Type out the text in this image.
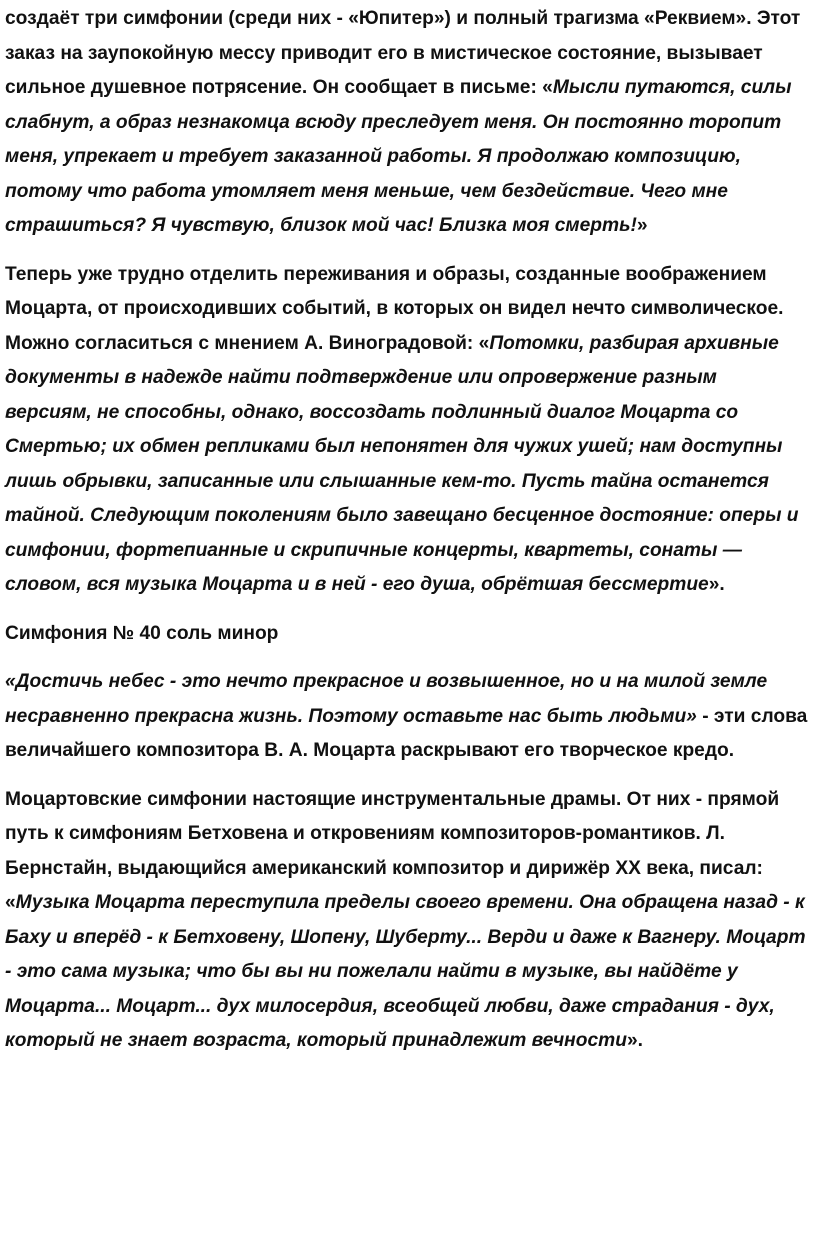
создаёт три симфонии (среди них - «Юпитер») и полный трагизма «Реквием». Этот заказ на заупокойную мессу приводит его в мистическое состояние, вызывает сильное душевное потрясение. Он сообщает в письме: «Мысли путаются, силы слабнут, а образ незнакомца всюду преследует меня. Он постоянно торопит меня, упрекает и требует заказанной работы. Я продолжаю композицию, потому что работа утомляет меня меньше, чем бездействие. Чего мне страшиться? Я чувствую, близок мой час! Близка моя смерть!»

Теперь уже трудно отделить переживания и образы, созданные воображением Моцарта, от происходивших событий, в которых он видел нечто символическое. Можно согласиться с мнением А. Виноградовой: «Потомки, разбирая архивные документы в надежде найти подтверждение или опровержение разным версиям, не способны, однако, воссоздать подлинный диалог Моцарта со Смертью; их обмен репликами был непонятен для чужих ушей; нам доступны лишь обрывки, записанные или слышанные кем-то. Пусть тайна останется тайной. Следующим поколениям было завещано бесценное достояние: оперы и симфонии, фортепианные и скрипичные концерты, квартеты, сонаты — словом, вся музыка Моцарта и в ней - его душа, обрётшая бессмертие».

Симфония № 40 соль минор

«Достичь небес - это нечто прекрасное и возвышенное, но и на милой земле несравненно прекрасна жизнь. Поэтому оставьте нас быть людьми» - эти слова величайшего композитора В. А. Моцарта раскрывают его творческое кредо.

Моцартовские симфонии настоящие инструментальные драмы. От них - прямой путь к симфониям Бетховена и откровениям композиторов-романтиков. Л. Бернстайн, выдающийся американский композитор и дирижёр XX века, писал: «Музыка Моцарта переступила пределы своего времени. Она обращена назад - к Баху и вперёд - к Бетховену, Шопену, Шуберту... Верди и даже к Вагнеру. Моцарт - это сама музыка; что бы вы ни пожелали найти в музыке, вы найдёте у Моцарта... Моцарт... дух милосердия, всеобщей любви, даже страдания - дух, который не знает возраста, который принадлежит вечности».
